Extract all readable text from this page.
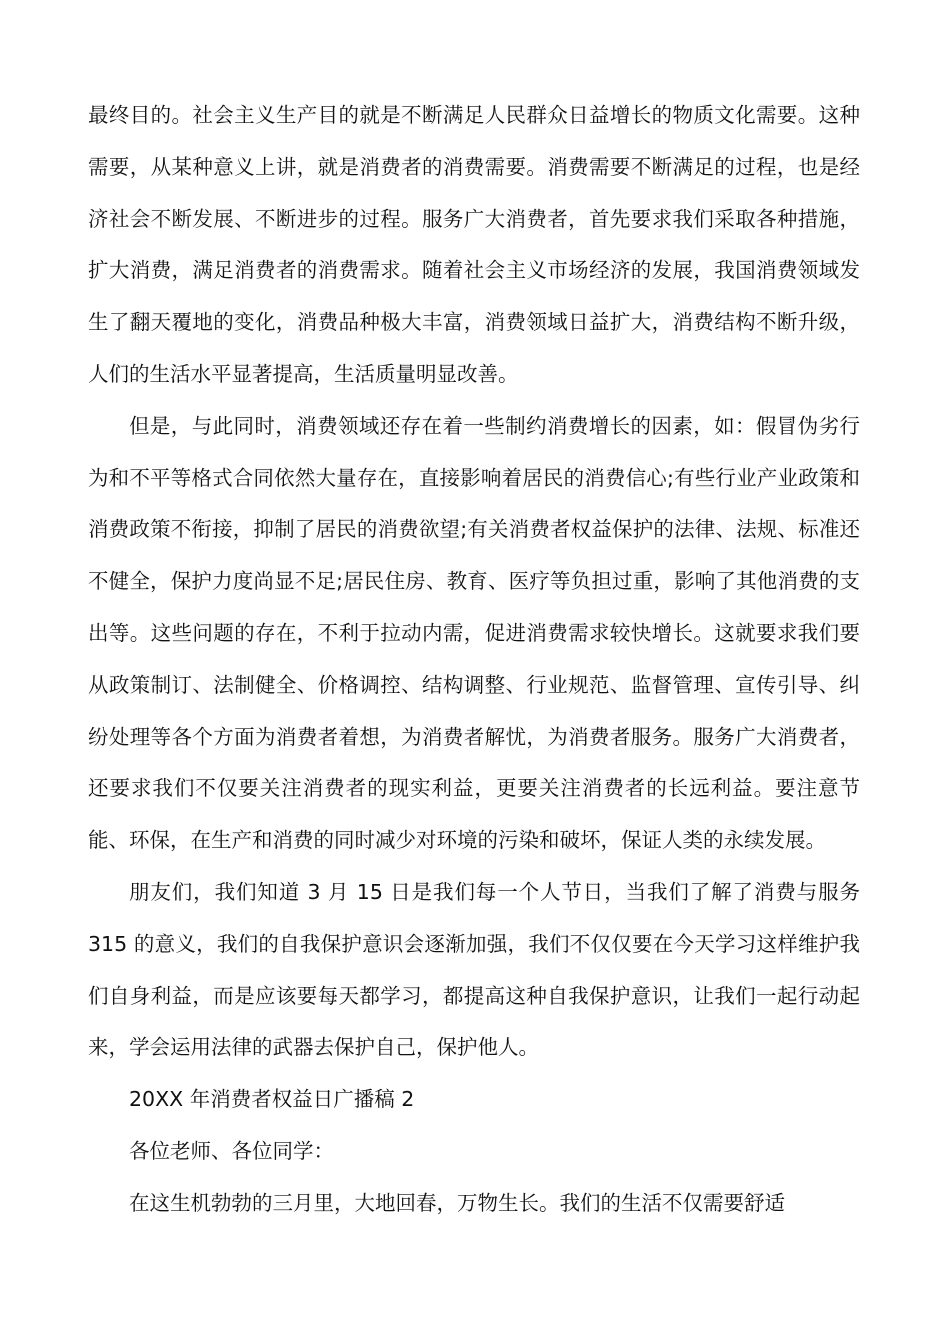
最终目的。社会主义生产目的就是不断满足人民群众日益增长的物质文化需要。这种需要，从某种意义上讲，就是消费者的消费需要。消费需要不断满足的过程，也是经济社会不断发展、不断进步的过程。服务广大消费者，首先要求我们采取各种措施，扩大消费，满足消费者的消费需求。随着社会主义市场经济的发展，我国消费领域发生了翻天覆地的变化，消费品种极大丰富，消费领域日益扩大，消费结构不断升级，人们的生活水平显著提高，生活质量明显改善。

但是，与此同时，消费领域还存在着一些制约消费增长的因素，如：假冒伪劣行为和不平等格式合同依然大量存在，直接影响着居民的消费信心;有些行业产业政策和消费政策不衔接，抑制了居民的消费欲望;有关消费者权益保护的法律、法规、标准还不健全，保护力度尚显不足;居民住房、教育、医疗等负担过重，影响了其他消费的支出等。这些问题的存在，不利于拉动内需，促进消费需求较快增长。这就要求我们要从政策制订、法制健全、价格调控、结构调整、行业规范、监督管理、宣传引导、纠纷处理等各个方面为消费者着想，为消费者解忧，为消费者服务。服务广大消费者，还要求我们不仅要关注消费者的现实利益，更要关注消费者的长远利益。要注意节能、环保，在生产和消费的同时减少对环境的污染和破坏，保证人类的永续发展。

朋友们，我们知道 3 月 15 日是我们每一个人节日，当我们了解了消费与服务 315 的意义，我们的自我保护意识会逐渐加强，我们不仅仅要在今天学习这样维护我们自身利益，而是应该要每天都学习，都提高这种自我保护意识，让我们一起行动起来，学会运用法律的武器去保护自己，保护他人。

20XX 年消费者权益日广播稿 2

各位老师、各位同学：

在这生机勃勃的三月里，大地回春，万物生长。我们的生活不仅需要舒适
